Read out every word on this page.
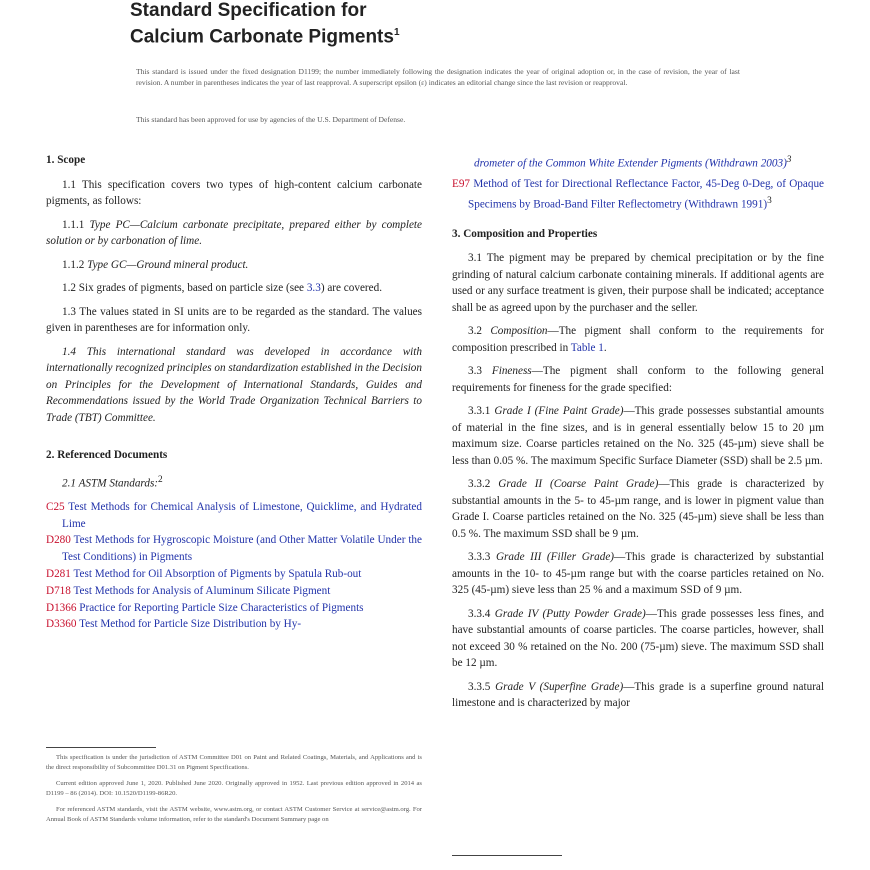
Standard Specification for
Calcium Carbonate Pigments$^1$
This standard is issued under the fixed designation D1199; the number immediately following the designation indicates the year of original adoption or, in the case of revision, the year of last revision. A number in parentheses indicates the year of last reapproval. A superscript epsilon (ε) indicates an editorial change since the last revision or reapproval.
This standard has been approved for use by agencies of the U.S. Department of Defense.
1. Scope

1.1 This specification covers two types of high-content calcium carbonate pigments, as follows:

1.1.1 Type PC—Calcium carbonate precipitate, prepared either by complete solution or by carbonation of lime.

1.1.2 Type GC—Ground mineral product.

1.2 Six grades of pigments, based on particle size (see 3.3) are covered.

1.3 The values stated in SI units are to be regarded as the standard. The values given in parentheses are for information only.

1.4 This international standard was developed in accordance with internationally recognized principles on standardization established in the Decision on Principles for the Development of International Standards, Guides and Recommendations issued by the World Trade Organization Technical Barriers to Trade (TBT) Committee.

2. Referenced Documents

2.1 ASTM Standards:$^2$

C25 Test Methods for Chemical Analysis of Limestone, Quicklime, and Hydrated Lime
D280 Test Methods for Hygroscopic Moisture (and Other Matter Volatile Under the Test Conditions) in Pigments
D281 Test Method for Oil Absorption of Pigments by Spatula Rub-out
D718 Test Methods for Analysis of Aluminum Silicate Pigment
D1366 Practice for Reporting Particle Size Characteristics of Pigments
D3360 Test Method for Particle Size Distribution by Hy-
drometer of the Common White Extender Pigments (Withdrawn 2003)$^3$
E97 Method of Test for Directional Reflectance Factor, 45-Deg 0-Deg, of Opaque Specimens by Broad-Band Filter Reflectometry (Withdrawn 1991)$^3$
3. Composition and Properties

3.1 The pigment may be prepared by chemical precipitation or by the fine grinding of natural calcium carbonate containing minerals. If additional agents are used or any surface treatment is given, their purpose shall be indicated; acceptance shall be as agreed upon by the purchaser and the seller.

3.2 Composition—The pigment shall conform to the requirements for composition prescribed in Table 1.

3.3 Fineness—The pigment shall conform to the following general requirements for fineness for the grade specified:

3.3.1 Grade I (Fine Paint Grade)—This grade possesses substantial amounts of material in the fine sizes, and is in general essentially below 15 to 20 µm maximum size. Coarse particles retained on the No. 325 (45-µm) sieve shall be less than 0.05 %. The maximum Specific Surface Diameter (SSD) shall be 2.5 µm.

3.3.2 Grade II (Coarse Paint Grade)—This grade is characterized by substantial amounts in the 5- to 45-µm range, and is lower in pigment value than Grade I. Coarse particles retained on the No. 325 (45-µm) sieve shall be less than 0.5 %. The maximum SSD shall be 9 µm.

3.3.3 Grade III (Filler Grade)—This grade is characterized by substantial amounts in the 10- to 45-µm range but with the coarse particles retained on No. 325 (45-µm) sieve less than 25 % and a maximum SSD of 9 µm.

3.3.4 Grade IV (Putty Powder Grade)—This grade possesses less fines, and have substantial amounts of coarse particles. The coarse particles, however, shall not exceed 30 % retained on the No. 200 (75-µm) sieve. The maximum SSD shall be 12 µm.

3.3.5 Grade V (Superfine Grade)—This grade is a superfine ground natural limestone and is characterized by major

This specification is under the jurisdiction of ASTM Committee D01 on Paint and Related Coatings, Materials, and Applications and is the direct responsibility of Subcommittee D01.31 on Pigment Specifications.
Current edition approved June 1, 2020. Published June 2020. Originally approved in 1952. Last previous edition approved in 2014 as D1199 – 86 (2014). DOI: 10.1520/D1199-86R20.
For referenced ASTM standards, visit the ASTM website, www.astm.org, or contact ASTM Customer Service at service@astm.org. For Annual Book of ASTM Standards volume information, refer to the standard's Document Summary page on
